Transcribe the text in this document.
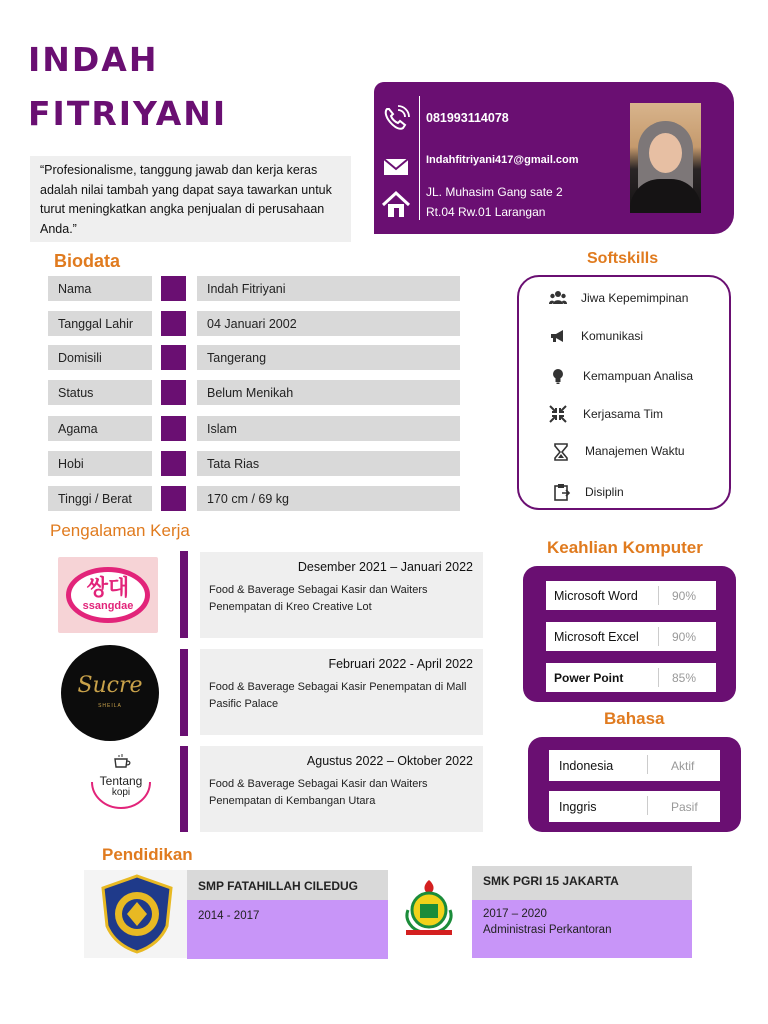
INDAH
FITRIYANI
“Profesionalisme, tanggung jawab dan kerja keras adalah nilai tambah yang dapat saya tawarkan untuk turut meningkatkan angka penjualan di perusahaan Anda.”
081993114078
Indahfitriyani417@gmail.com
JL. Muhasim Gang sate 2
Rt.04 Rw.01 Larangan
Biodata
Nama	Indah Fitriyani
Tanggal Lahir	04 Januari 2002
Domisili	Tangerang
Status	Belum Menikah
Agama	Islam
Hobi	Tata Rias
Tinggi / Berat	170 cm / 69 kg
Softskills
Jiwa Kepemimpinan
Komunikasi
Kemampuan Analisa
Kerjasama Tim
Manajemen Waktu
Disiplin
Pengalaman Kerja
쌍대
ssangdae
Sucre
SHEILA
Tentang
kopi
Desember 2021 – Januari 2022
Food & Baverage Sebagai Kasir dan Waiters Penempatan di Kreo Creative Lot
Februari 2022 - April 2022
Food & Baverage Sebagai Kasir Penempatan di Mall Pasific Palace
Agustus 2022 – Oktober 2022
Food & Baverage Sebagai Kasir dan Waiters Penempatan di Kembangan Utara
Keahlian Komputer
Microsoft Word	90%
Microsoft Excel	90%
Power Point	85%
Bahasa
Indonesia	Aktif
Inggris	Pasif
Pendidikan
SMP FATAHILLAH CILEDUG
2014 - 2017
SMK PGRI 15 JAKARTA
2017 – 2020
Administrasi Perkantoran
